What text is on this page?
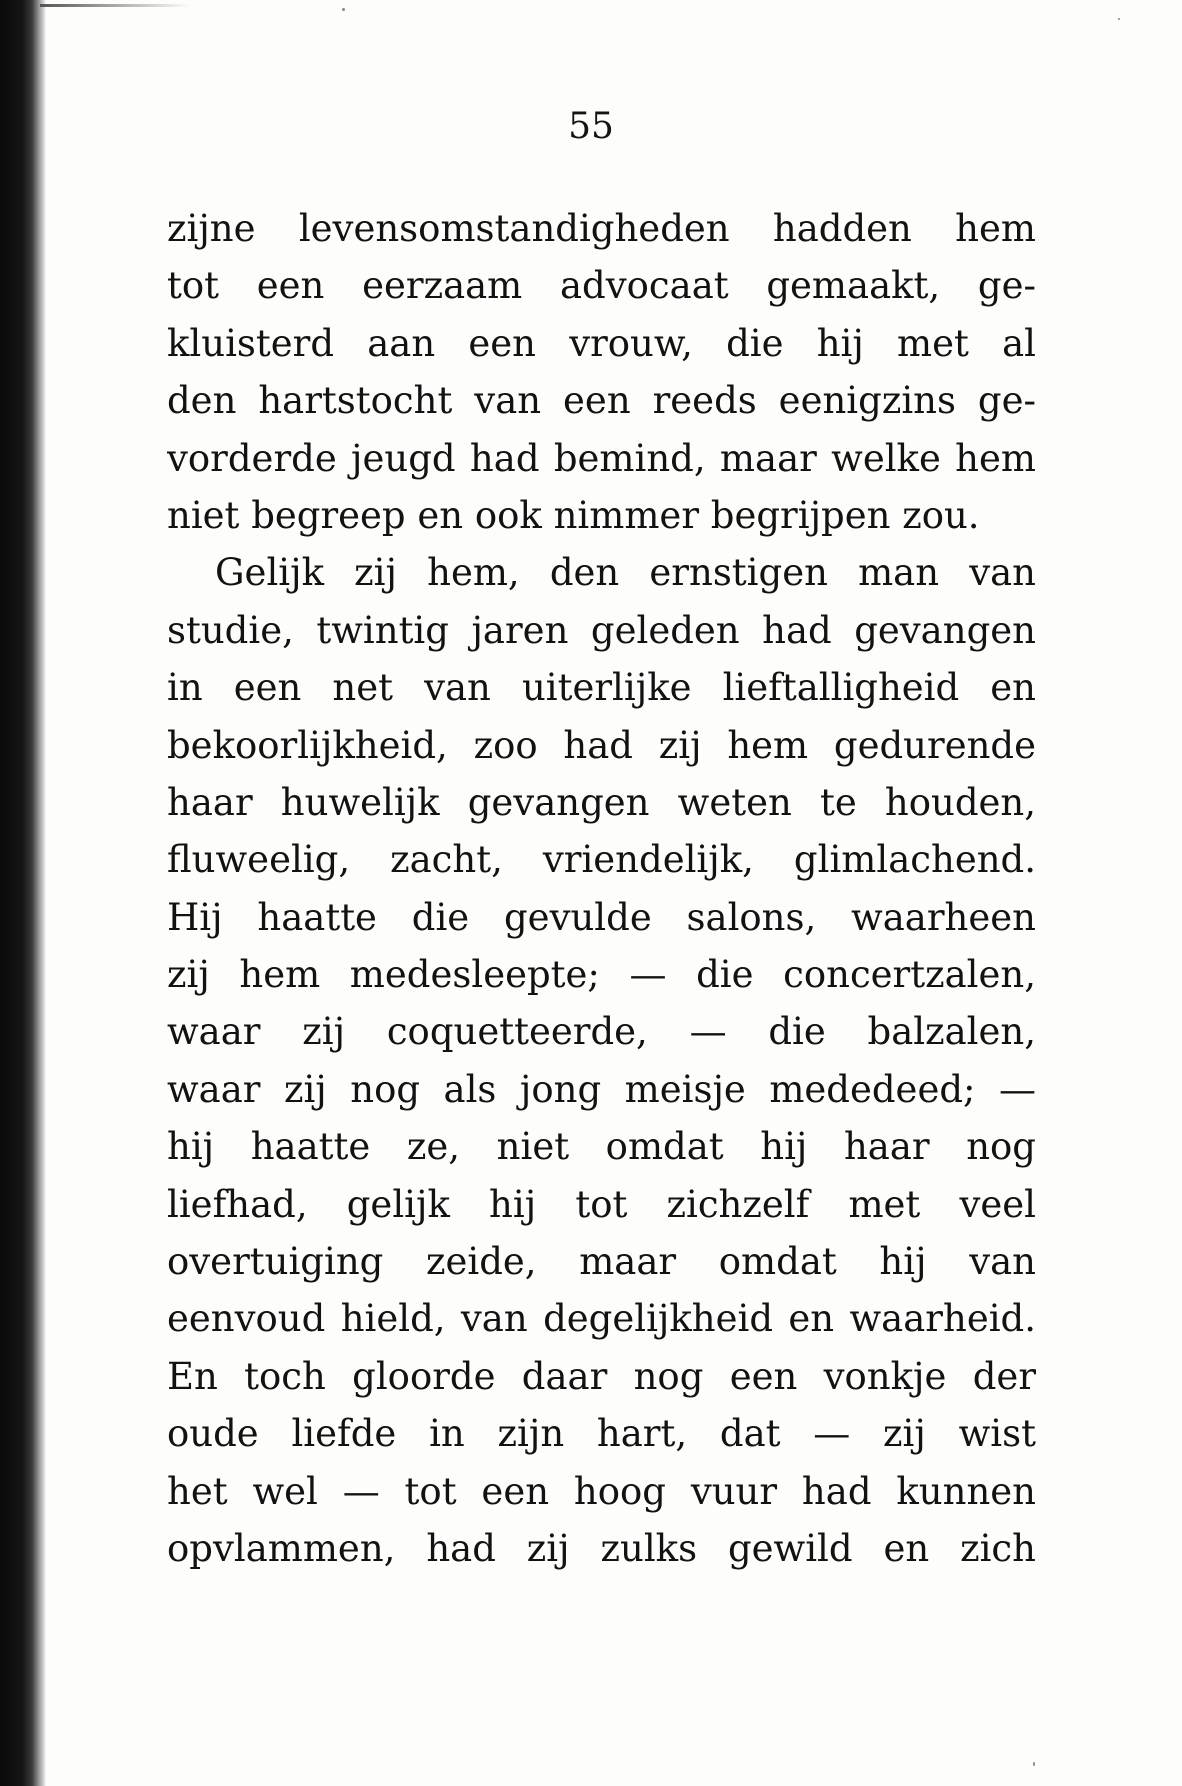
55

zijne levensomstandigheden hadden hem
tot een eerzaam advocaat gemaakt, ge-
kluisterd aan een vrouw, die hij met al
den hartstocht van een reeds eenigzins ge-
vorderde jeugd had bemind, maar welke hem
niet begreep en ook nimmer begrijpen zou.
Gelijk zij hem, den ernstigen man van
studie, twintig jaren geleden had gevangen
in een net van uiterlijke lieftalligheid en
bekoorlijkheid, zoo had zij hem gedurende
haar huwelijk gevangen weten te houden,
fluweelig, zacht, vriendelijk, glimlachend.
Hij haatte die gevulde salons, waarheen
zij hem medesleepte; — die concertzalen,
waar zij coquetteerde, — die balzalen,
waar zij nog als jong meisje mededeed; —
hij haatte ze, niet omdat hij haar nog
liefhad, gelijk hij tot zichzelf met veel
overtuiging zeide, maar omdat hij van
eenvoud hield, van degelijkheid en waarheid.
En toch gloorde daar nog een vonkje der
oude liefde in zijn hart, dat — zij wist
het wel — tot een hoog vuur had kunnen
opvlammen, had zij zulks gewild en zich
